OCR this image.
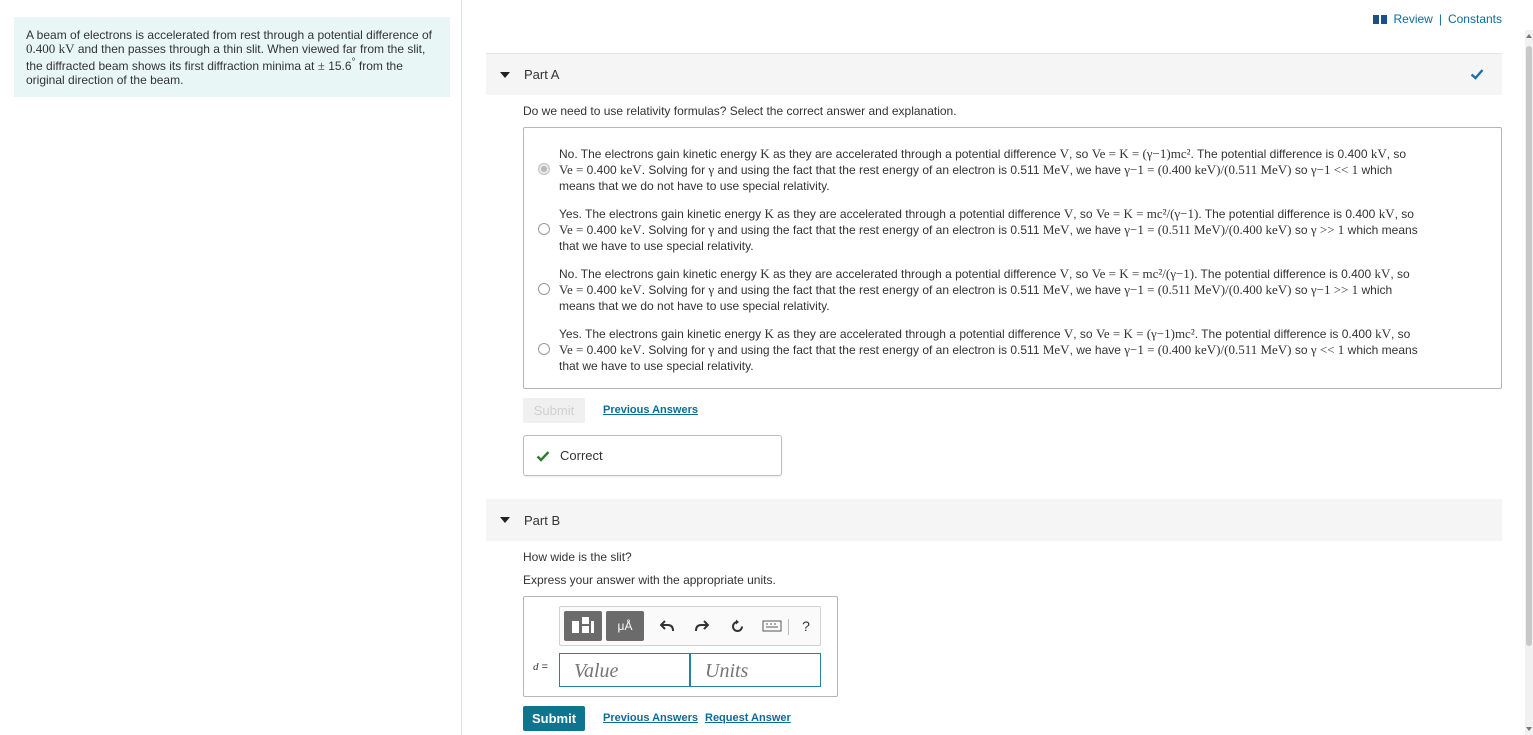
A beam of electrons is accelerated from rest through a potential difference of
0.400 kV and then passes through a thin slit. When viewed far from the slit,
the diffracted beam shows its first diffraction minima at ± 15.6° from the
original direction of the beam.
Review | Constants
Part A
Do we need to use relativity formulas? Select the correct answer and explanation.
No. The electrons gain kinetic energy K as they are accelerated through a potential difference V, so Ve = K = (γ−1)mc². The potential difference is 0.400 kV, so
Ve = 0.400 keV. Solving for γ and using the fact that the rest energy of an electron is 0.511 MeV, we have γ−1 = (0.400 keV)/(0.511 MeV) so γ−1 << 1 which
means that we do not have to use special relativity.
Yes. The electrons gain kinetic energy K as they are accelerated through a potential difference V, so Ve = K = mc²/(γ−1). The potential difference is 0.400 kV, so
Ve = 0.400 keV. Solving for γ and using the fact that the rest energy of an electron is 0.511 MeV, we have γ−1 = (0.511 MeV)/(0.400 keV) so γ >> 1 which means
that we have to use special relativity.
No. The electrons gain kinetic energy K as they are accelerated through a potential difference V, so Ve = K = mc²/(γ−1). The potential difference is 0.400 kV, so
Ve = 0.400 keV. Solving for γ and using the fact that the rest energy of an electron is 0.511 MeV, we have γ−1 = (0.511 MeV)/(0.400 keV) so γ−1 >> 1 which
means that we do not have to use special relativity.
Yes. The electrons gain kinetic energy K as they are accelerated through a potential difference V, so Ve = K = (γ−1)mc². The potential difference is 0.400 kV, so
Ve = 0.400 keV. Solving for γ and using the fact that the rest energy of an electron is 0.511 MeV, we have γ−1 = (0.400 keV)/(0.511 MeV) so γ << 1 which means
that we have to use special relativity.
Submit	Previous Answers
Correct
Part B
How wide is the slit?
Express your answer with the appropriate units.
μÅ	?
d =
Value
Units
Submit	Previous Answers Request Answer
